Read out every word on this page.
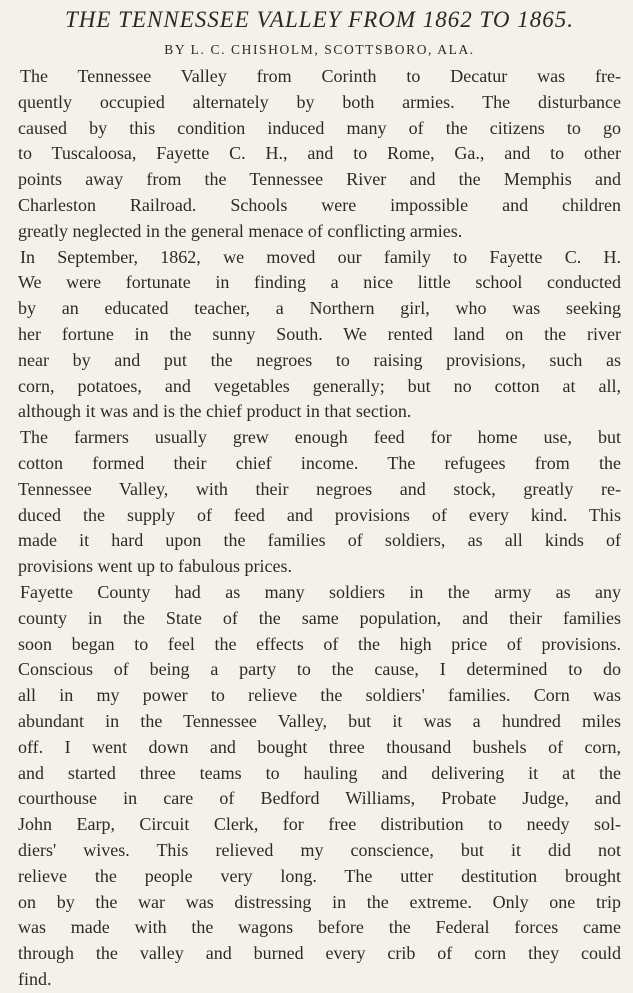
THE TENNESSEE VALLEY FROM 1862 TO 1865.
BY L. C. CHISHOLM, SCOTTSBORO, ALA.

The Tennessee Valley from Corinth to Decatur was fre-
quently occupied alternately by both armies. The disturbance
caused by this condition induced many of the citizens to go
to Tuscaloosa, Fayette C. H., and to Rome, Ga., and to other
points away from the Tennessee River and the Memphis and
Charleston Railroad. Schools were impossible and children
greatly neglected in the general menace of conflicting armies.

In September, 1862, we moved our family to Fayette C. H.
We were fortunate in finding a nice little school conducted
by an educated teacher, a Northern girl, who was seeking
her fortune in the sunny South. We rented land on the river
near by and put the negroes to raising provisions, such as
corn, potatoes, and vegetables generally; but no cotton at all,
although it was and is the chief product in that section.

The farmers usually grew enough feed for home use, but
cotton formed their chief income. The refugees from the
Tennessee Valley, with their negroes and stock, greatly re-
duced the supply of feed and provisions of every kind. This
made it hard upon the families of soldiers, as all kinds of
provisions went up to fabulous prices.

Fayette County had as many soldiers in the army as any
county in the State of the same population, and their families
soon began to feel the effects of the high price of provisions.
Conscious of being a party to the cause, I determined to do
all in my power to relieve the soldiers' families. Corn was
abundant in the Tennessee Valley, but it was a hundred miles
off. I went down and bought three thousand bushels of corn,
and started three teams to hauling and delivering it at the
courthouse in care of Bedford Williams, Probate Judge, and
John Earp, Circuit Clerk, for free distribution to needy sol-
diers' wives. This relieved my conscience, but it did not
relieve the people very long. The utter destitution brought
on by the war was distressing in the extreme. Only one trip
was made with the wagons before the Federal forces came
through the valley and burned every crib of corn they could
find.
